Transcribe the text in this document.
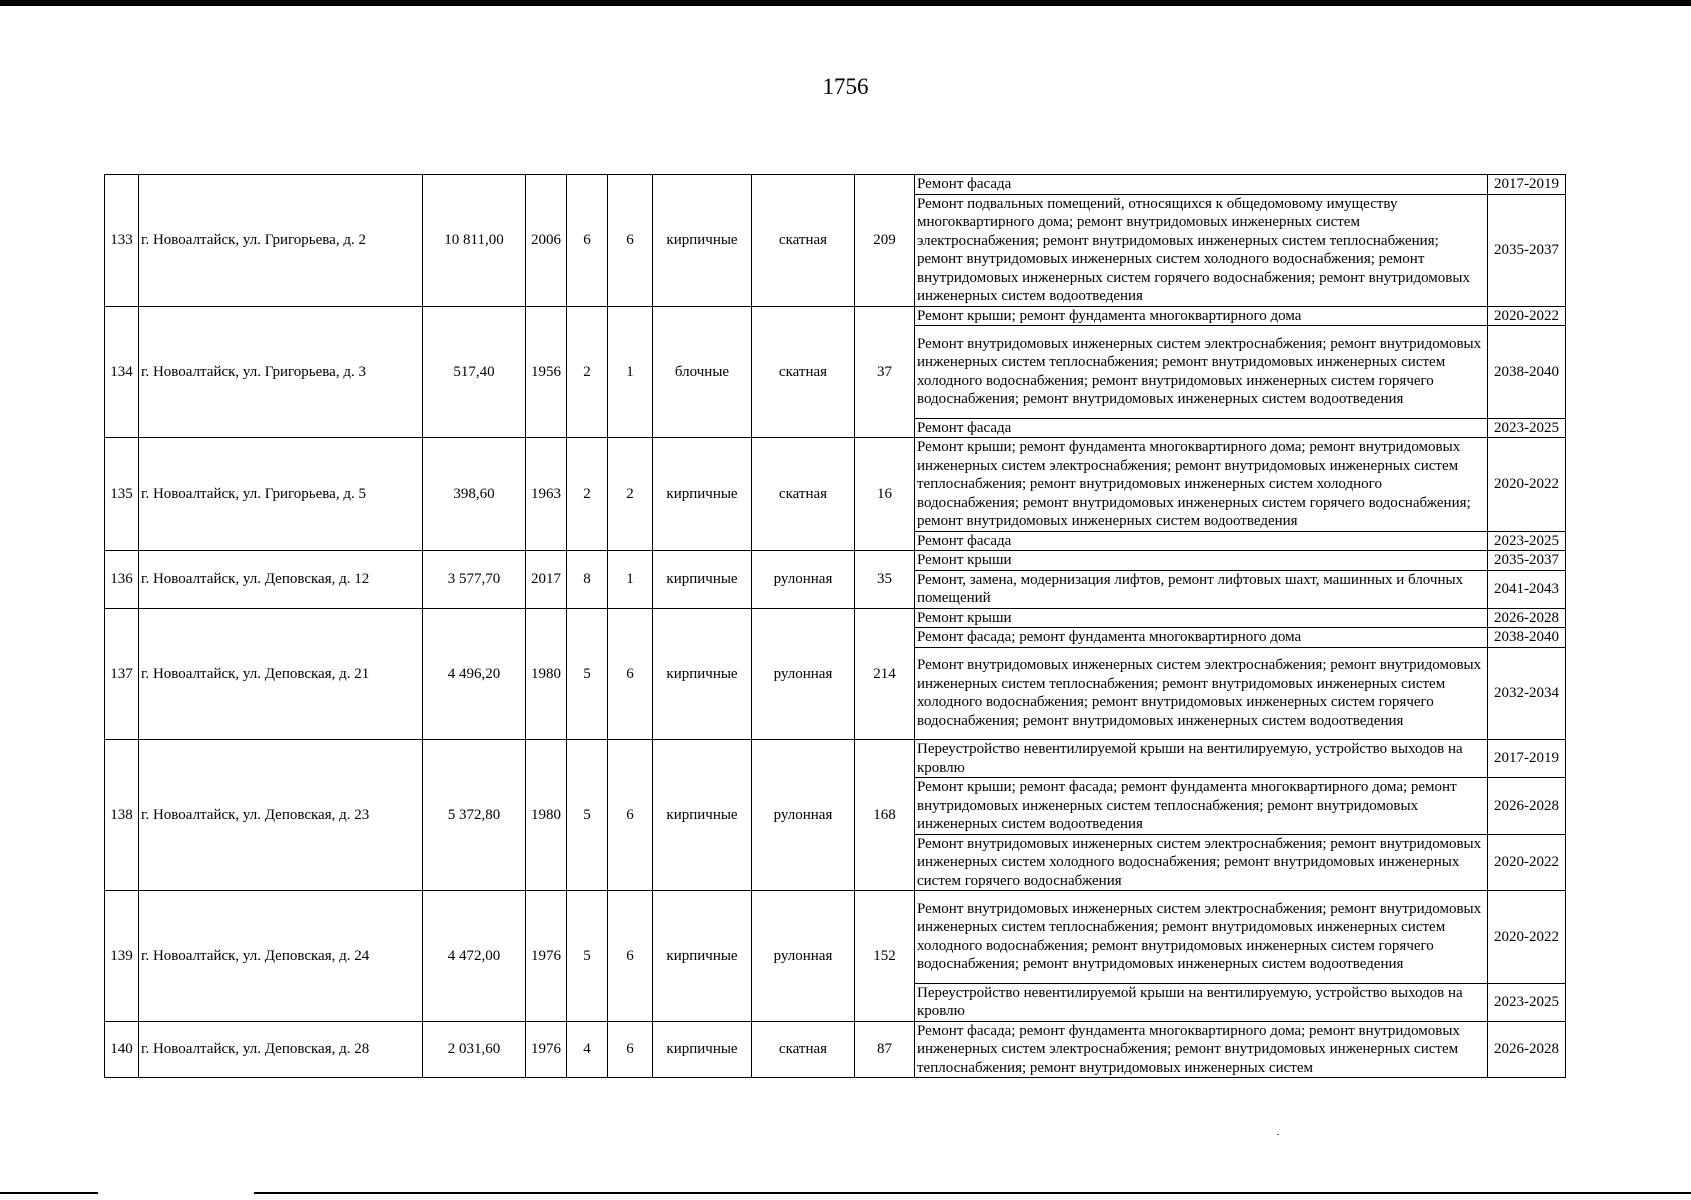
1756
133	г. Новоалтайск, ул. Григорьева, д. 2	10 811,00	2006	6	6	кирпичные	скатная	209	Ремонт фасада	2017-2019
									Ремонт подвальных помещений, относящихся к общедомовому имуществу многоквартирного дома; ремонт внутридомовых инженерных систем электроснабжения; ремонт внутридомовых инженерных систем теплоснабжения; ремонт внутридомовых инженерных систем холодного водоснабжения; ремонт внутридомовых инженерных систем горячего водоснабжения; ремонт внутридомовых инженерных систем водоотведения	2035-2037
134	г. Новоалтайск, ул. Григорьева, д. 3	517,40	1956	2	1	блочные	скатная	37	Ремонт крыши; ремонт фундамента многоквартирного дома	2020-2022
									Ремонт внутридомовых инженерных систем электроснабжения; ремонт внутридомовых инженерных систем теплоснабжения; ремонт внутридомовых инженерных систем холодного водоснабжения; ремонт внутридомовых инженерных систем горячего водоснабжения; ремонт внутридомовых инженерных систем водоотведения	2038-2040
									Ремонт фасада	2023-2025
135	г. Новоалтайск, ул. Григорьева, д. 5	398,60	1963	2	2	кирпичные	скатная	16	Ремонт крыши; ремонт фундамента многоквартирного дома; ремонт внутридомовых инженерных систем электроснабжения; ремонт внутридомовых инженерных систем теплоснабжения; ремонт внутридомовых инженерных систем холодного водоснабжения; ремонт внутридомовых инженерных систем горячего водоснабжения; ремонт внутридомовых инженерных систем водоотведения	2020-2022
									Ремонт фасада	2023-2025
136	г. Новоалтайск, ул. Деповская, д. 12	3 577,70	2017	8	1	кирпичные	рулонная	35	Ремонт крыши	2035-2037
									Ремонт, замена, модернизация лифтов, ремонт лифтовых шахт, машинных и блочных помещений	2041-2043
137	г. Новоалтайск, ул. Деповская, д. 21	4 496,20	1980	5	6	кирпичные	рулонная	214	Ремонт крыши	2026-2028
									Ремонт фасада; ремонт фундамента многоквартирного дома	2038-2040
									Ремонт внутридомовых инженерных систем электроснабжения; ремонт внутридомовых инженерных систем теплоснабжения; ремонт внутридомовых инженерных систем холодного водоснабжения; ремонт внутридомовых инженерных систем горячего водоснабжения; ремонт внутридомовых инженерных систем водоотведения	2032-2034
138	г. Новоалтайск, ул. Деповская, д. 23	5 372,80	1980	5	6	кирпичные	рулонная	168	Переустройство невентилируемой крыши на вентилируемую, устройство выходов на кровлю	2017-2019
									Ремонт крыши; ремонт фасада; ремонт фундамента многоквартирного дома; ремонт внутридомовых инженерных систем теплоснабжения; ремонт внутридомовых инженерных систем водоотведения	2026-2028
									Ремонт внутридомовых инженерных систем электроснабжения; ремонт внутридомовых инженерных систем холодного водоснабжения; ремонт внутридомовых инженерных систем горячего водоснабжения	2020-2022
139	г. Новоалтайск, ул. Деповская, д. 24	4 472,00	1976	5	6	кирпичные	рулонная	152	Ремонт внутридомовых инженерных систем электроснабжения; ремонт внутридомовых инженерных систем теплоснабжения; ремонт внутридомовых инженерных систем холодного водоснабжения; ремонт внутридомовых инженерных систем горячего водоснабжения; ремонт внутридомовых инженерных систем водоотведения	2020-2022
									Переустройство невентилируемой крыши на вентилируемую, устройство выходов на кровлю	2023-2025
140	г. Новоалтайск, ул. Деповская, д. 28	2 031,60	1976	4	6	кирпичные	скатная	87	Ремонт фасада; ремонт фундамента многоквартирного дома; ремонт внутридомовых инженерных систем электроснабжения; ремонт внутридомовых инженерных систем теплоснабжения; ремонт внутридомовых инженерных систем	2026-2028
